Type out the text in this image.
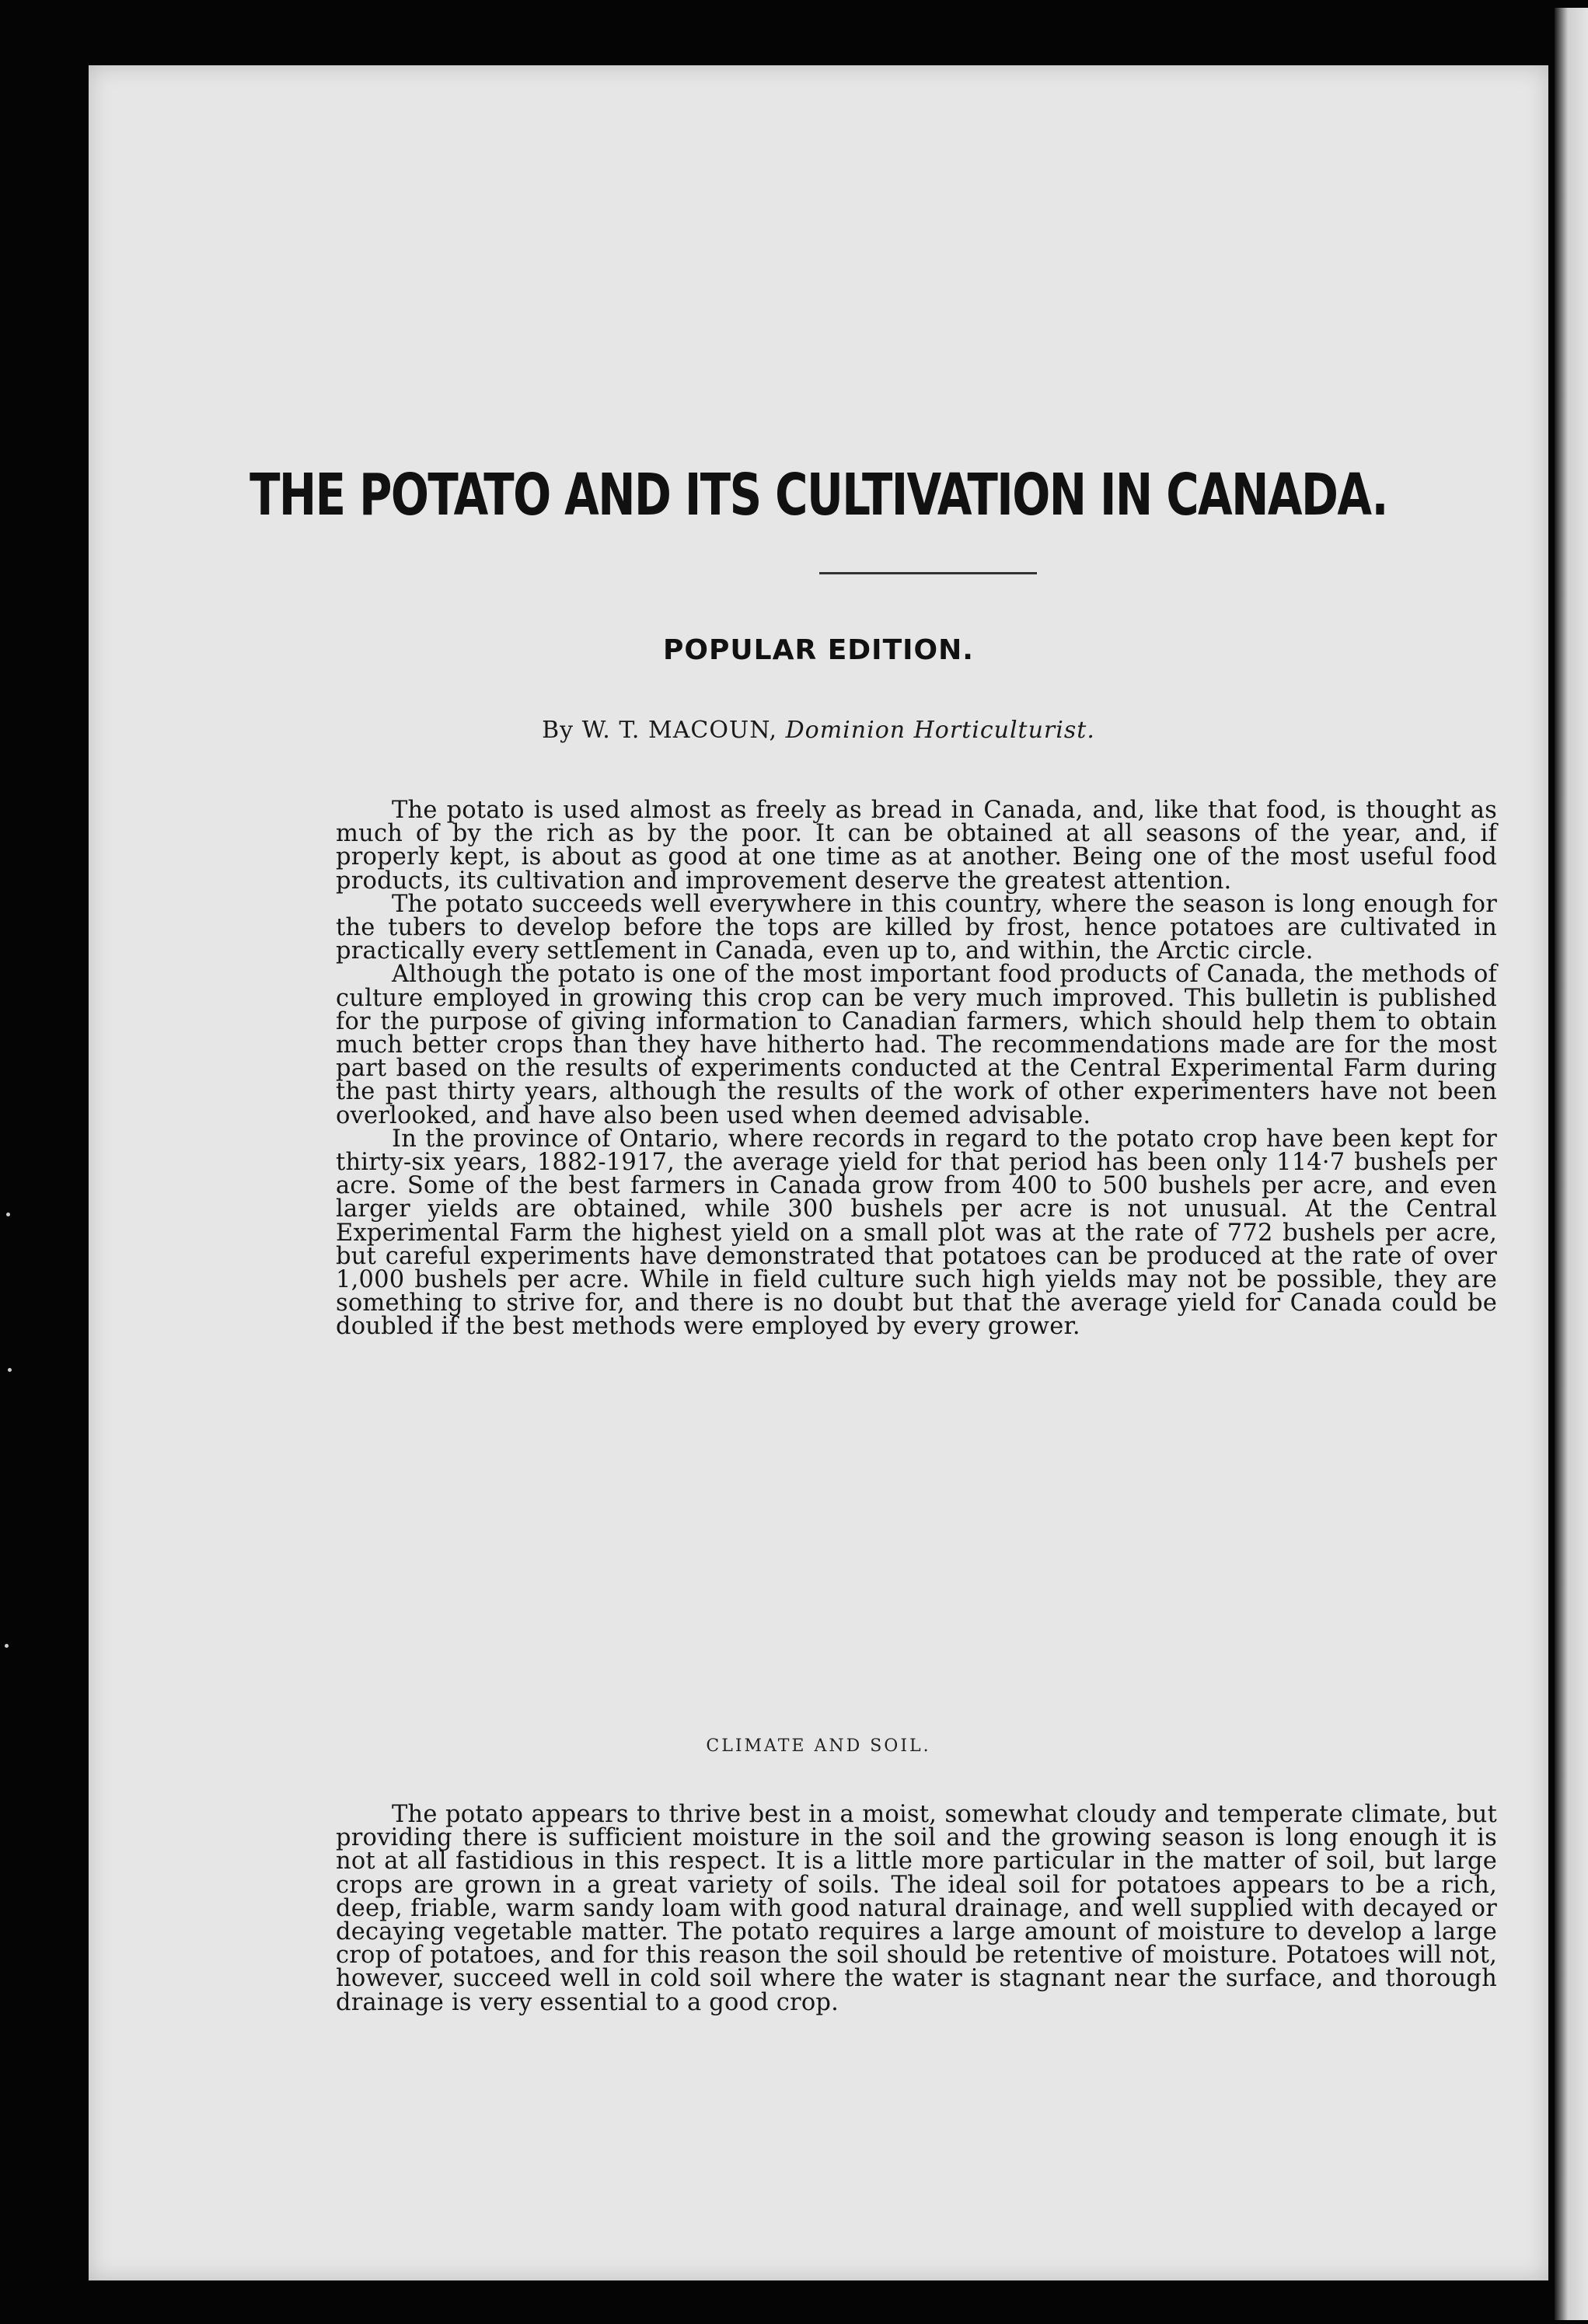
THE POTATO AND ITS CULTIVATION IN CANADA.
POPULAR EDITION.
By W. T. MACOUN, Dominion Horticulturist.

The potato is used almost as freely as bread in Canada, and, like that food, is thought as much of by the rich as by the poor. It can be obtained at all seasons of the year, and, if properly kept, is about as good at one time as at another. Being one of the most useful food products, its cultivation and improvement deserve the greatest attention.

The potato succeeds well everywhere in this country, where the season is long enough for the tubers to develop before the tops are killed by frost, hence potatoes are cultivated in practically every settlement in Canada, even up to, and within, the Arctic circle.

Although the potato is one of the most important food products of Canada, the methods of culture employed in growing this crop can be very much improved. This bulletin is published for the purpose of giving information to Canadian farmers, which should help them to obtain much better crops than they have hitherto had. The recommendations made are for the most part based on the results of experiments conducted at the Central Experimental Farm during the past thirty years, although the results of the work of other experimenters have not been overlooked, and have also been used when deemed advisable.

In the province of Ontario, where records in regard to the potato crop have been kept for thirty-six years, 1882-1917, the average yield for that period has been only 114·7 bushels per acre. Some of the best farmers in Canada grow from 400 to 500 bushels per acre, and even larger yields are obtained, while 300 bushels per acre is not unusual. At the Central Experimental Farm the highest yield on a small plot was at the rate of 772 bushels per acre, but careful experiments have demonstrated that potatoes can be produced at the rate of over 1,000 bushels per acre. While in field culture such high yields may not be possible, they are something to strive for, and there is no doubt but that the average yield for Canada could be doubled if the best methods were employed by every grower.

CLIMATE AND SOIL.

The potato appears to thrive best in a moist, somewhat cloudy and temperate climate, but providing there is sufficient moisture in the soil and the growing season is long enough it is not at all fastidious in this respect. It is a little more particular in the matter of soil, but large crops are grown in a great variety of soils. The ideal soil for potatoes appears to be a rich, deep, friable, warm sandy loam with good natural drainage, and well supplied with decayed or decaying vegetable matter. The potato requires a large amount of moisture to develop a large crop of potatoes, and for this reason the soil should be retentive of moisture. Potatoes will not, however, succeed well in cold soil where the water is stagnant near the surface, and thorough drainage is very essential to a good crop.
